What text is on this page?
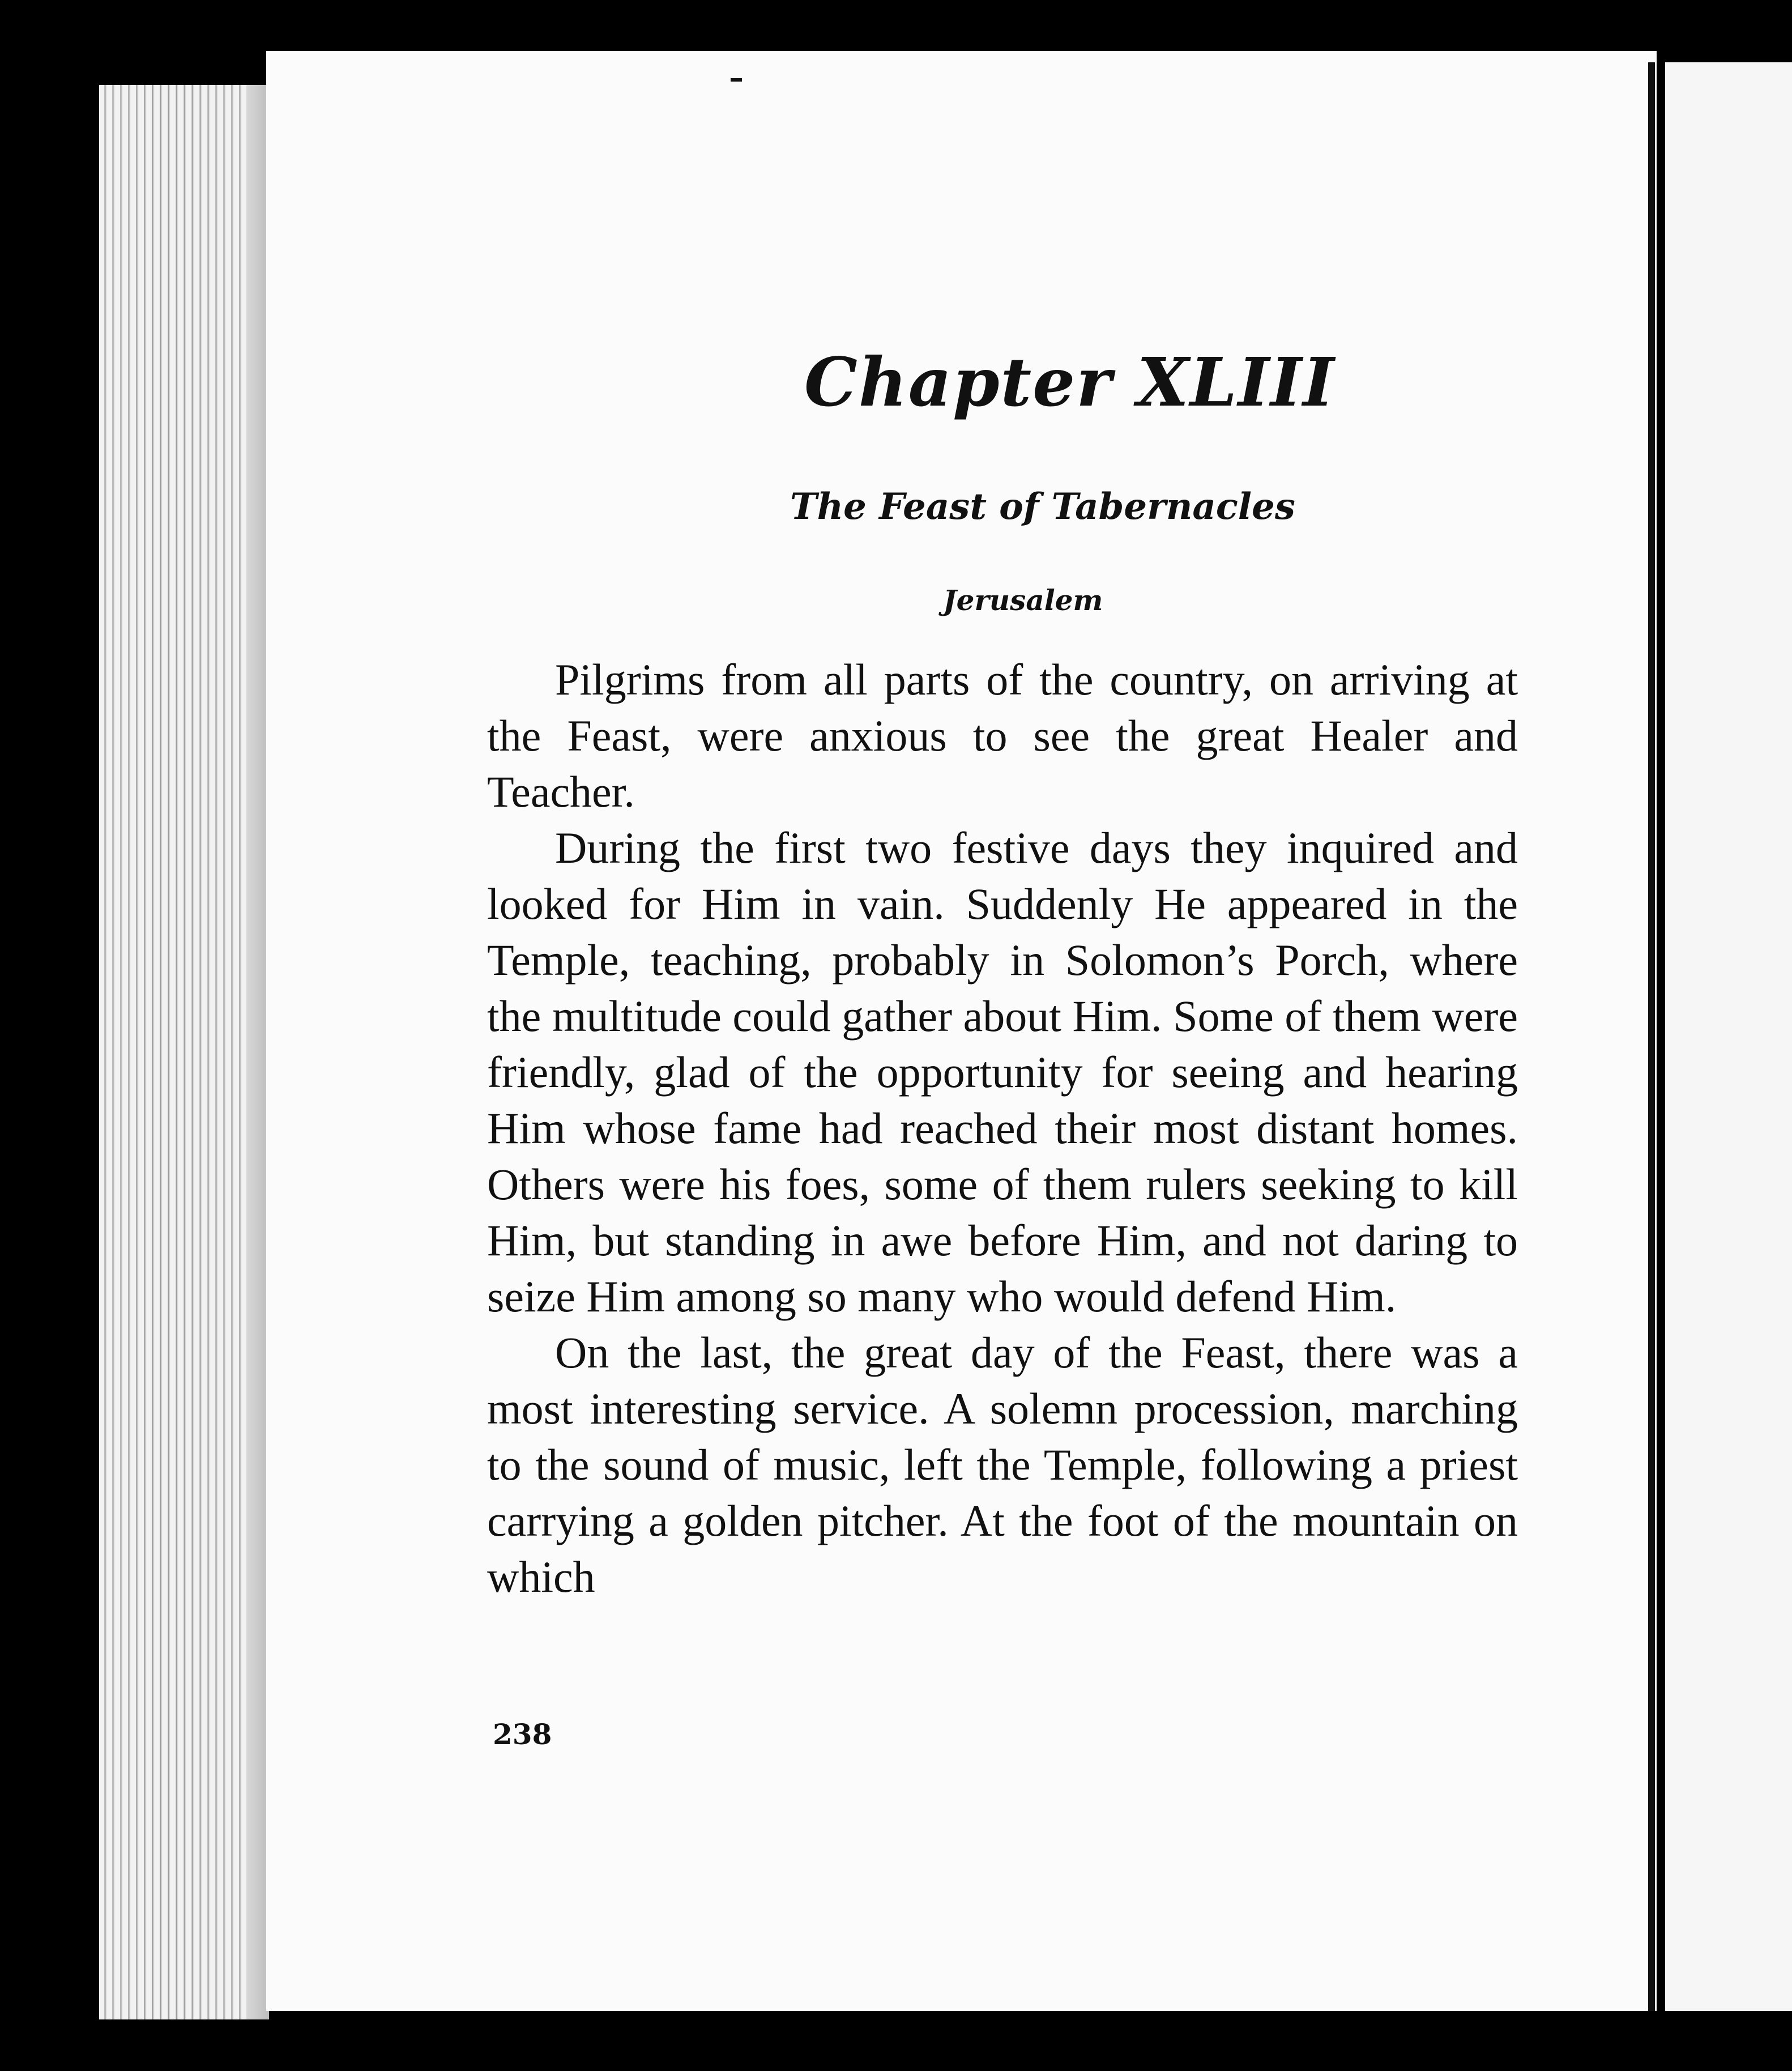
Chapter XLIII
The Feast of Tabernacles
Jerusalem

Pilgrims from all parts of the country, on arriving at the Feast, were anxious to see the great Healer and Teacher.

During the first two festive days they inquired and looked for Him in vain. Suddenly He appeared in the Temple, teaching, probably in Solomon’s Porch, where the multitude could gather about Him. Some of them were friendly, glad of the opportunity for seeing and hearing Him whose fame had reached their most distant homes. Others were his foes, some of them rulers seeking to kill Him, but standing in awe before Him, and not daring to seize Him among so many who would defend Him.

On the last, the great day of the Feast, there was a most interesting service. A solemn procession, marching to the sound of music, left the Temple, following a priest carrying a golden pitcher. At the foot of the mountain on which

238
